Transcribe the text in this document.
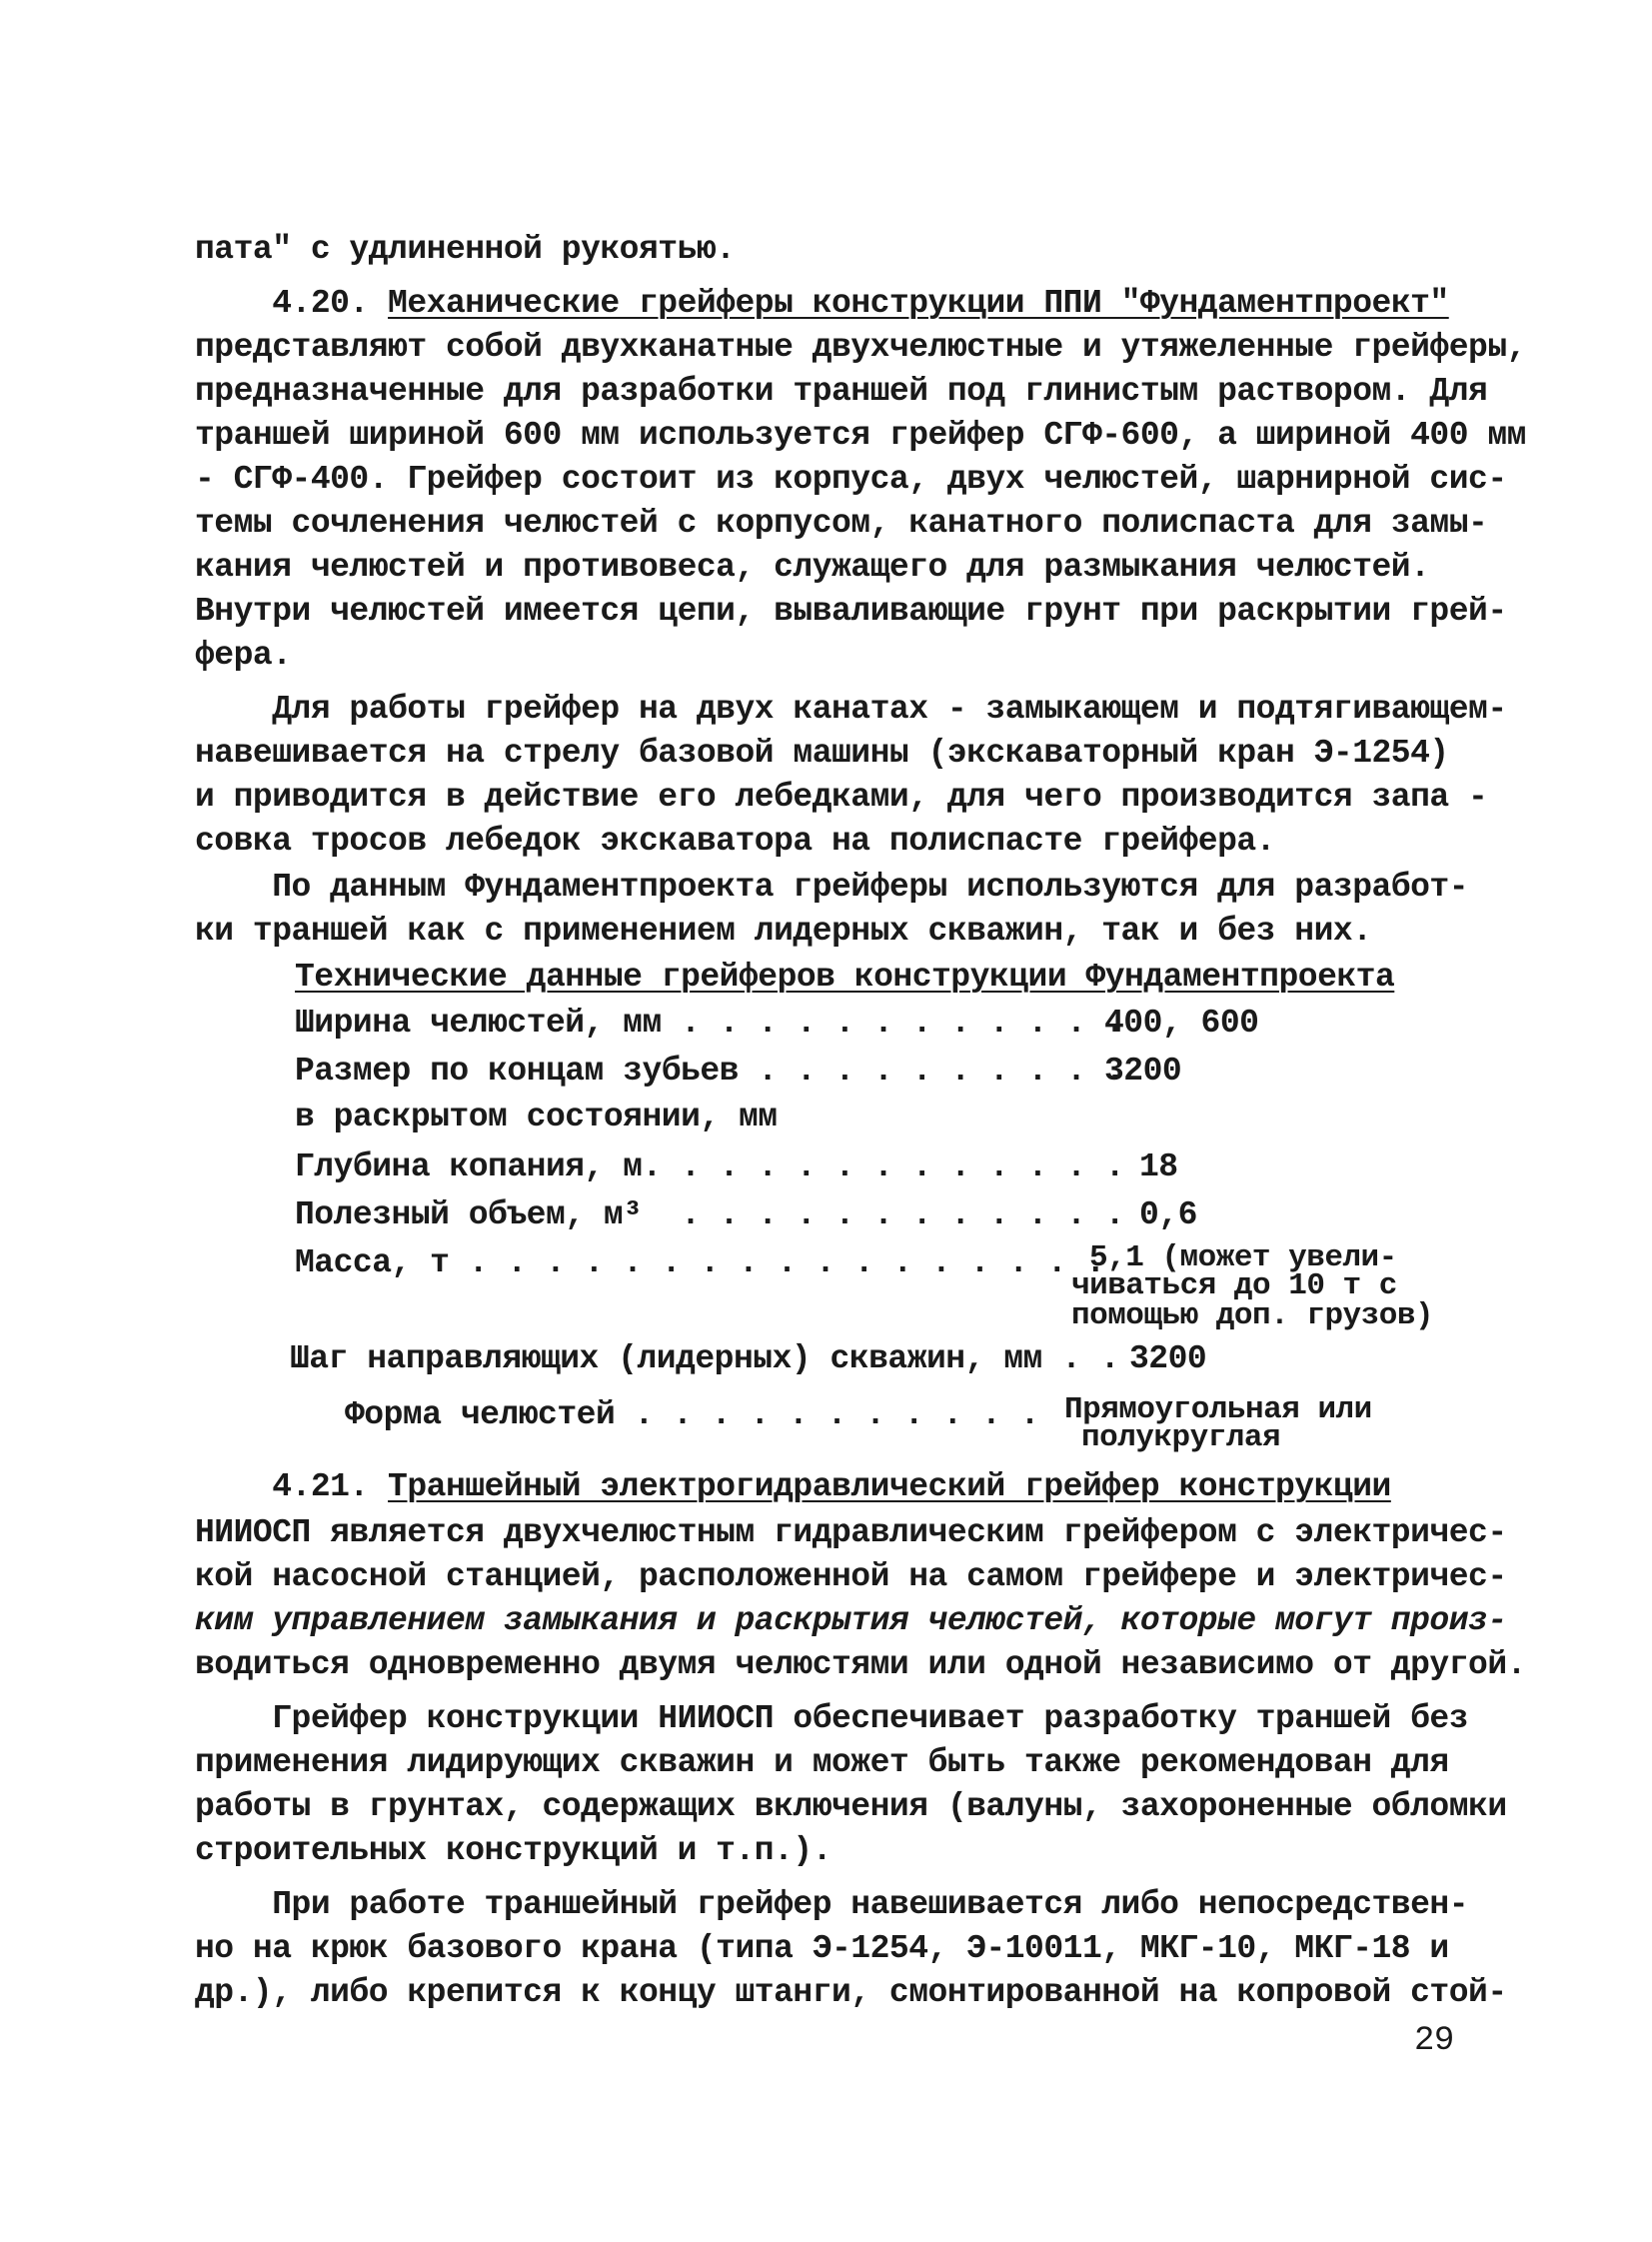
пата" с удлиненной рукоятью.
4.20. Механические грейферы конструкции ППИ "Фундаментпроект"
представляют собой двухканатные двухчелюстные и утяжеленные грейферы,
предназначенные для разработки траншей под глинистым раствором. Для
траншей шириной 600 мм используется грейфер СГФ-600, а шириной 400 мм
- СГФ-400. Грейфер состоит из корпуса, двух челюстей, шарнирной сис-
темы сочленения челюстей с корпусом, канатного полиспаста для замы-
кания челюстей и противовеса, служащего для размыкания челюстей.
Внутри челюстей имеется цепи, вываливающие грунт при раскрытии грей-
фера.
Для работы грейфер на двух канатах - замыкающем и подтягивающем-
навешивается на стрелу базовой машины (экскаваторный кран Э-1254)
и приводится в действие его лебедками, для чего производится запа -
совка тросов лебедок экскаватора на полиспасте грейфера.
По данным Фундаментпроекта грейферы используются для разработ-
ки траншей как с применением лидерных скважин, так и без них.
Технические данные грейферов конструкции Фундаментпроекта
Ширина челюстей, мм . . . . . . . . . . . .
400, 600
Размер по концам зубьев . . . . . . . . . .
3200
в раскрытом состоянии, мм
Глубина копания, м. . . . . . . . . . . . . 18
Полезный объем, м³  . . . . . . . . . . . . 0,6
Масса, т . . . . . . . . . . . . . . . . .
5,1 (может увели-
чиваться до 10 т с
помощью доп. грузов)
Шаг направляющих (лидерных) скважин, мм . . 3200
Форма челюстей . . . . . . . . . . . Прямоугольная или
полукруглая
4.21. Траншейный электрогидравлический грейфер конструкции
НИИОСП является двухчелюстным гидравлическим грейфером с электричес-
кой насосной станцией, расположенной на самом грейфере и электричес-
ким управлением замыкания и раскрытия челюстей, которые могут произ-
водиться одновременно двумя челюстями или одной независимо от другой.
Грейфер конструкции НИИОСП обеспечивает разработку траншей без
применения лидирующих скважин и может быть также рекомендован для
работы в грунтах, содержащих включения (валуны, захороненные обломки
строительных конструкций и т.п.).
При работе траншейный грейфер навешивается либо непосредствен-
но на крюк базового крана (типа Э-1254, Э-10011, МКГ-10, МКГ-18 и
др.), либо крепится к концу штанги, смонтированной на копровой стой-
29
